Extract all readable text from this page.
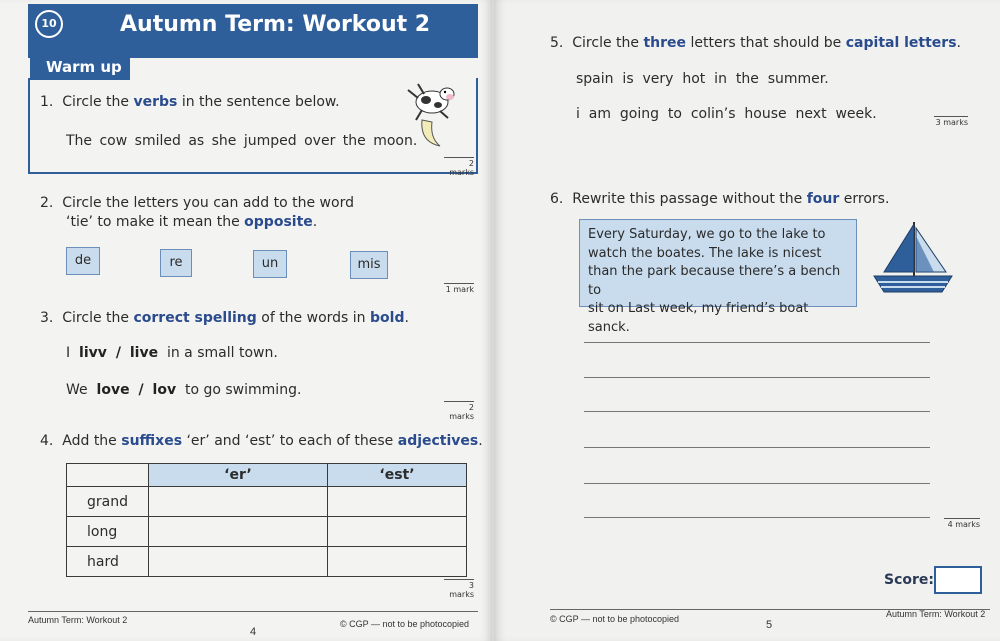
10	Autumn Term: Workout 2
Warm up
1. Circle the verbs in the sentence below.
The cow smiled as she jumped over the moon.
2 marks
2. Circle the letters you can add to the word
‘tie’ to make it mean the opposite.
de	re	un	mis
1 mark
3. Circle the correct spelling of the words in bold.
I livv / live in a small town.
We love / lov to go swimming.
2 marks
4. Add the suffixes ‘er’ and ‘est’ to each of these adjectives.
	‘er’	‘est’
grand		
long		
hard		
3 marks
Autumn Term: Workout 2
4
© CGP — not to be photocopied
5. Circle the three letters that should be capital letters.
spain  is  very  hot  in  the  summer.
i  am  going  to  colin’s  house  next  week.
3 marks
6. Rewrite this passage without the four errors.
Every Saturday, we go to the lake to
watch the boates. The lake is nicest
than the park because there’s a bench to
sit on Last week, my friend’s boat sanck.
4 marks
Score:
© CGP — not to be photocopied	5
Autumn Term: Workout 2
